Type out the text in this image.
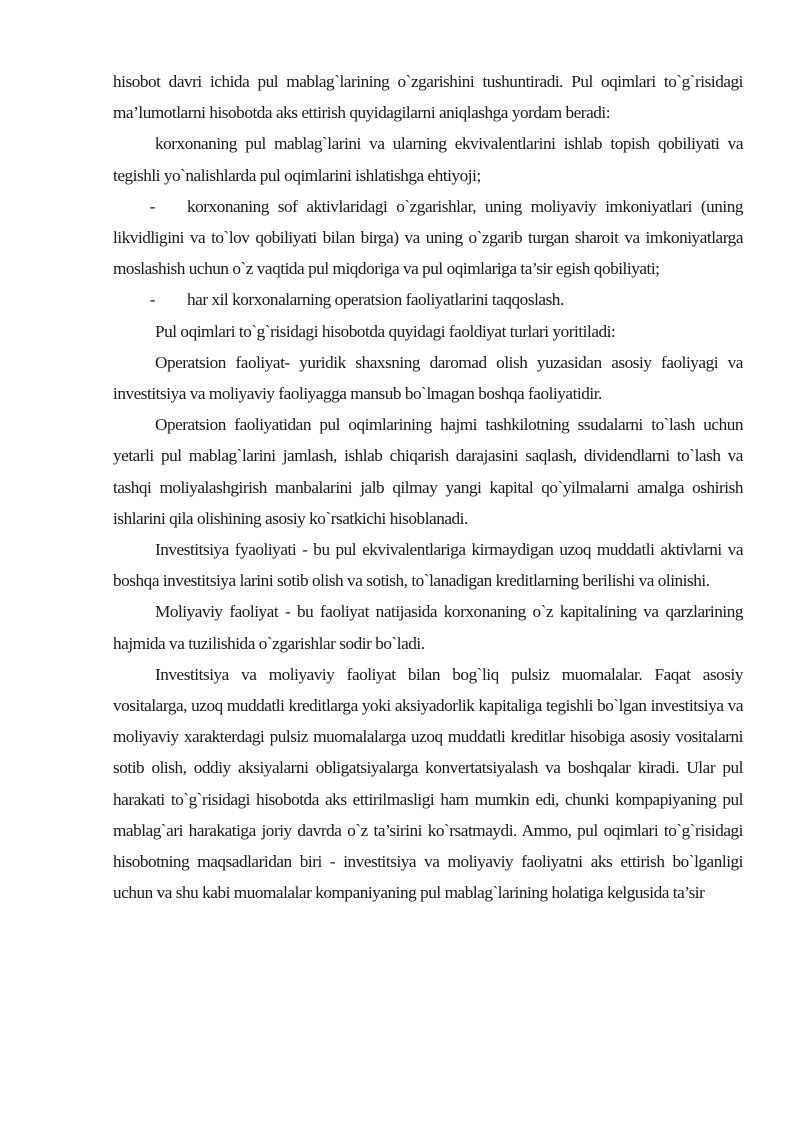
hisobot davri ichida pul mablag`larining o`zgarishini tushuntiradi. Pul oqimlari to`g`risidagi ma’lumotlarni hisobotda aks ettirish quyidagilarni aniqlashga yordam beradi:

korxonaning pul mablag`larini va ularning ekvivalentlarini ishlab topish qobiliyati va tegishli yo`nalishlarda pul oqimlarini ishlatishga ehtiyoji;

-	korxonaning sof aktivlaridagi o`zgarishlar, uning moliyaviy imkoniyatlari (uning likvidligini va to`lov qobiliyati bilan birga) va uning o`zgarib turgan sharoit va imkoniyatlarga moslashish uchun o`z vaqtida pul miqdoriga va pul oqimlariga ta’sir egish qobiliyati;
- har xil korxonalarning operatsion faoliyatlarini taqqoslash.

Pul oqimlari to`g`risidagi hisobotda quyidagi faoldiyat turlari yoritiladi:

Operatsion faoliyat- yuridik shaxsning daromad olish yuzasidan asosiy faoliyagi va investitsiya va moliyaviy faoliyagga mansub bo`lmagan boshqa faoliyatidir.

Operatsion faoliyatidan pul oqimlarining hajmi tashkilotning ssudalarni to`lash uchun yetarli pul mablag`larini jamlash, ishlab chiqarish darajasini saqlash, dividendlarni to`lash va tashqi moliyalashgirish manbalarini jalb qilmay yangi kapital qo`yilmalarni amalga oshirish ishlarini qila olishining asosiy ko`rsatkichi hisoblanadi.

Investitsiya fyaoliyati - bu pul ekvivalentlariga kirmaydigan uzoq muddatli aktivlarni va boshqa investitsiya larini sotib olish va sotish, to`lanadigan kreditlarning berilishi va olinishi.

Moliyaviy faoliyat - bu faoliyat natijasida korxonaning o`z kapitalining va qarzlarining hajmida va tuzilishida o`zgarishlar sodir bo`ladi.

Investitsiya va moliyaviy faoliyat bilan bog`liq pulsiz muomalalar. Faqat asosiy vositalarga, uzoq muddatli kreditlarga yoki aksiyadorlik kapitaliga tegishli bo`lgan investitsiya va moliyaviy xarakterdagi pulsiz muomalalarga uzoq muddatli kreditlar hisobiga asosiy vositalarni sotib olish, oddiy aksiyalarni obligatsiyalarga konvertatsiyalash va boshqalar kiradi. Ular pul harakati to`g`risidagi hisobotda aks ettirilmasligi ham mumkin edi, chunki kompapiyaning pul mablag`ari harakatiga joriy davrda o`z ta’sirini ko`rsatmaydi. Ammo, pul oqimlari to`g`risidagi hisobotning maqsadlaridan biri - investitsiya va moliyaviy faoliyatni aks ettirish bo`lganligi uchun va shu kabi muomalalar kompaniyaning pul mablag`larining holatiga kelgusida ta’sir
